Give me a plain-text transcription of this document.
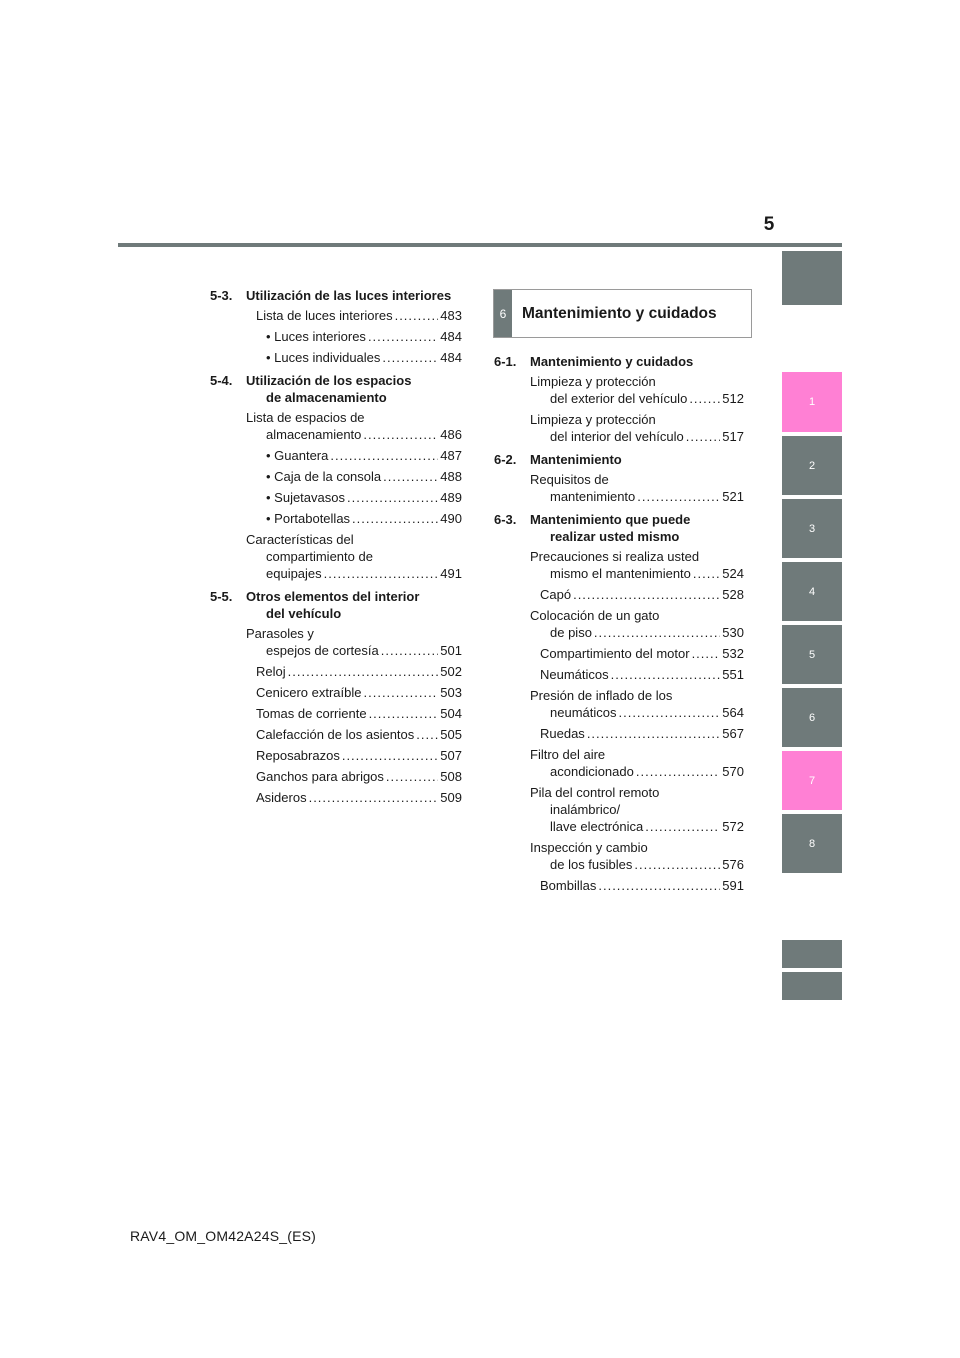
5
1
2
3
4
5
6
7
8
5-3.	Utilización de las luces interiores
Lista de luces interiores .....	483
• Luces interiores .....	484
• Luces individuales .....	484
5-4.	Utilización de los espacios
de almacenamiento
Lista de espacios de
almacenamiento .....	486
• Guantera .....	487
• Caja de la consola .....	488
• Sujetavasos .....	489
• Portabotellas .....	490
Características del
compartimiento de
equipajes .....	491
5-5.	Otros elementos del interior
del vehículo
Parasoles y
espejos de cortesía .....	501
Reloj .....	502
Cenicero extraíble .....	503
Tomas de corriente .....	504
Calefacción de los asientos ..... 505
Reposabrazos .....	507
Ganchos para abrigos .....	508
Asideros .....	509
6	Mantenimiento y cuidados
6-1.	Mantenimiento y cuidados
Limpieza y protección
del exterior del vehículo .....	512
Limpieza y protección
del interior del vehículo .....	517
6-2.	Mantenimiento
Requisitos de
mantenimiento .....	521
6-3.	Mantenimiento que puede
realizar usted mismo
Precauciones si realiza usted
mismo el mantenimiento ..... 524
Capó .....	528
Colocación de un gato
de piso .....	530
Compartimiento del motor .....	532
Neumáticos .....	551
Presión de inflado de los
neumáticos .....	564
Ruedas .....	567
Filtro del aire
acondicionado .....	570
Pila del control remoto
inalámbrico/
llave electrónica .....	572
Inspección y cambio
de los fusibles .....	576
Bombillas .....	591
RAV4_OM_OM42A24S_(ES)
